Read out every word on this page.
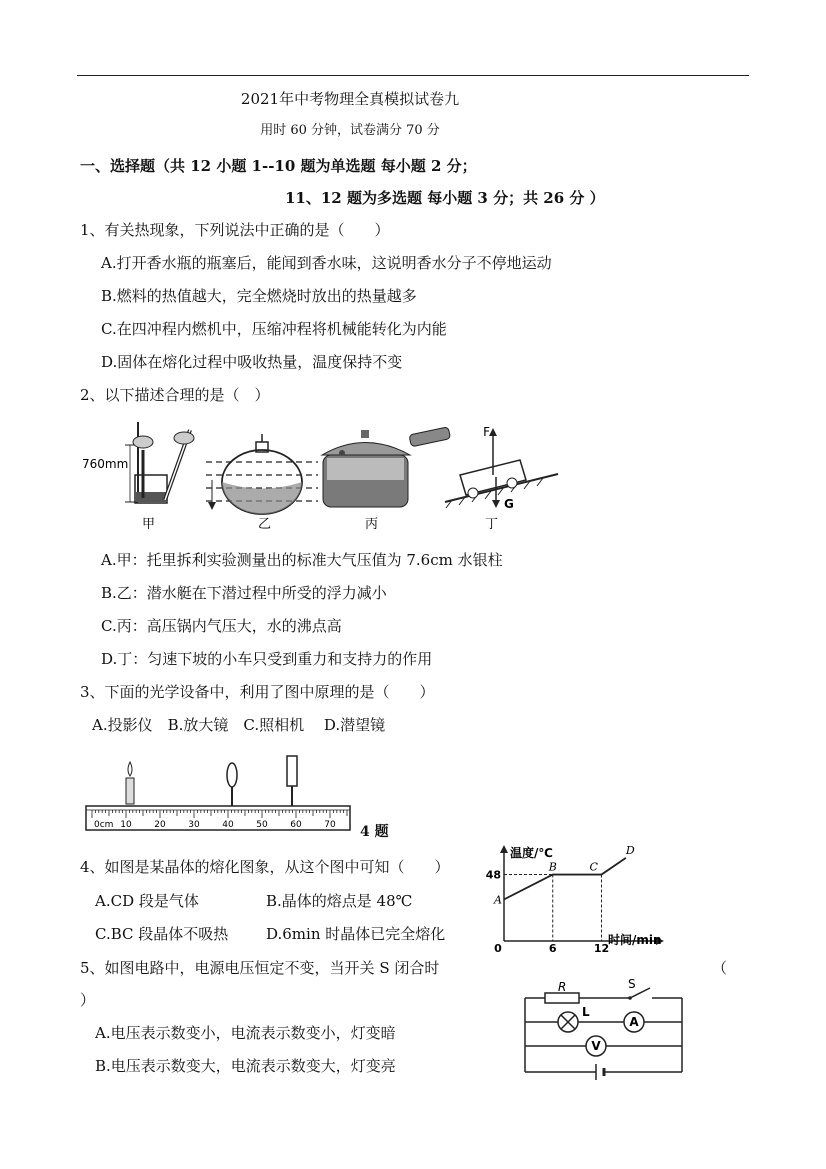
2021年中考物理全真模拟试卷九
用时 60 分钟，试卷满分 70 分
一、选择题（共 12 小题 1--10 题为单选题 每小题 2 分；
11、12 题为多选题 每小题 3 分；共 26 分 ）
1、有关热现象，下列说法中正确的是（　　）
A.打开香水瓶的瓶塞后，能闻到香水味，这说明香水分子不停地运动
B.燃料的热值越大，完全燃烧时放出的热量越多
C.在四冲程内燃机中，压缩冲程将机械能转化为内能
D.固体在熔化过程中吸收热量，温度保持不变
2、以下描述合理的是（　）
760mm
F
G
甲	乙	丙	丁
A.甲：托里拆利实验测量出的标准大气压值为 7.6cm 水银柱
B.乙：潜水艇在下潜过程中所受的浮力减小
C.丙：高压锅内气压大，水的沸点高
D.丁：匀速下坡的小车只受到重力和支持力的作用
3、下面的光学设备中，利用了图中原理的是（　　）
A.投影仪　B.放大镜　C.照相机　 D.潜望镜
0cm 10	20	30	40	50	60	70 4 题
4、如图是某晶体的熔化图象，从这个图中可知（　　）
A.CD 段是气体	B.晶体的熔点是 48℃
C.BC 段晶体不吸热	D.6min 时晶体已完全熔化
温度/℃
时间/min
A
B	C
D
0	6	12
48
5、如图电路中，电源电压恒定不变，当开关 S 闭合时	（
）
A.电压表示数变小，电流表示数变小，灯变暗
B.电压表示数变大，电流表示数变大，灯变亮
R	S
L
A
V
